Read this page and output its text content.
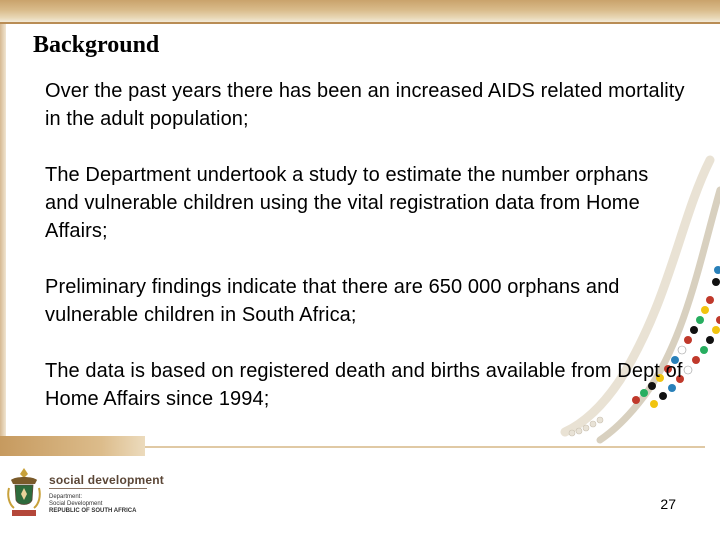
Background

Over the past years there has been an increased AIDS related mortality in the adult population;

The Department undertook a study to estimate the number orphans and vulnerable children using the vital registration data from Home Affairs;

Preliminary findings indicate that there are 650 000 orphans and vulnerable children in South Africa;

The data is based on registered death and births available from Dept of Home Affairs since 1994;

social development
Department:
Social Development
REPUBLIC OF SOUTH AFRICA	27
